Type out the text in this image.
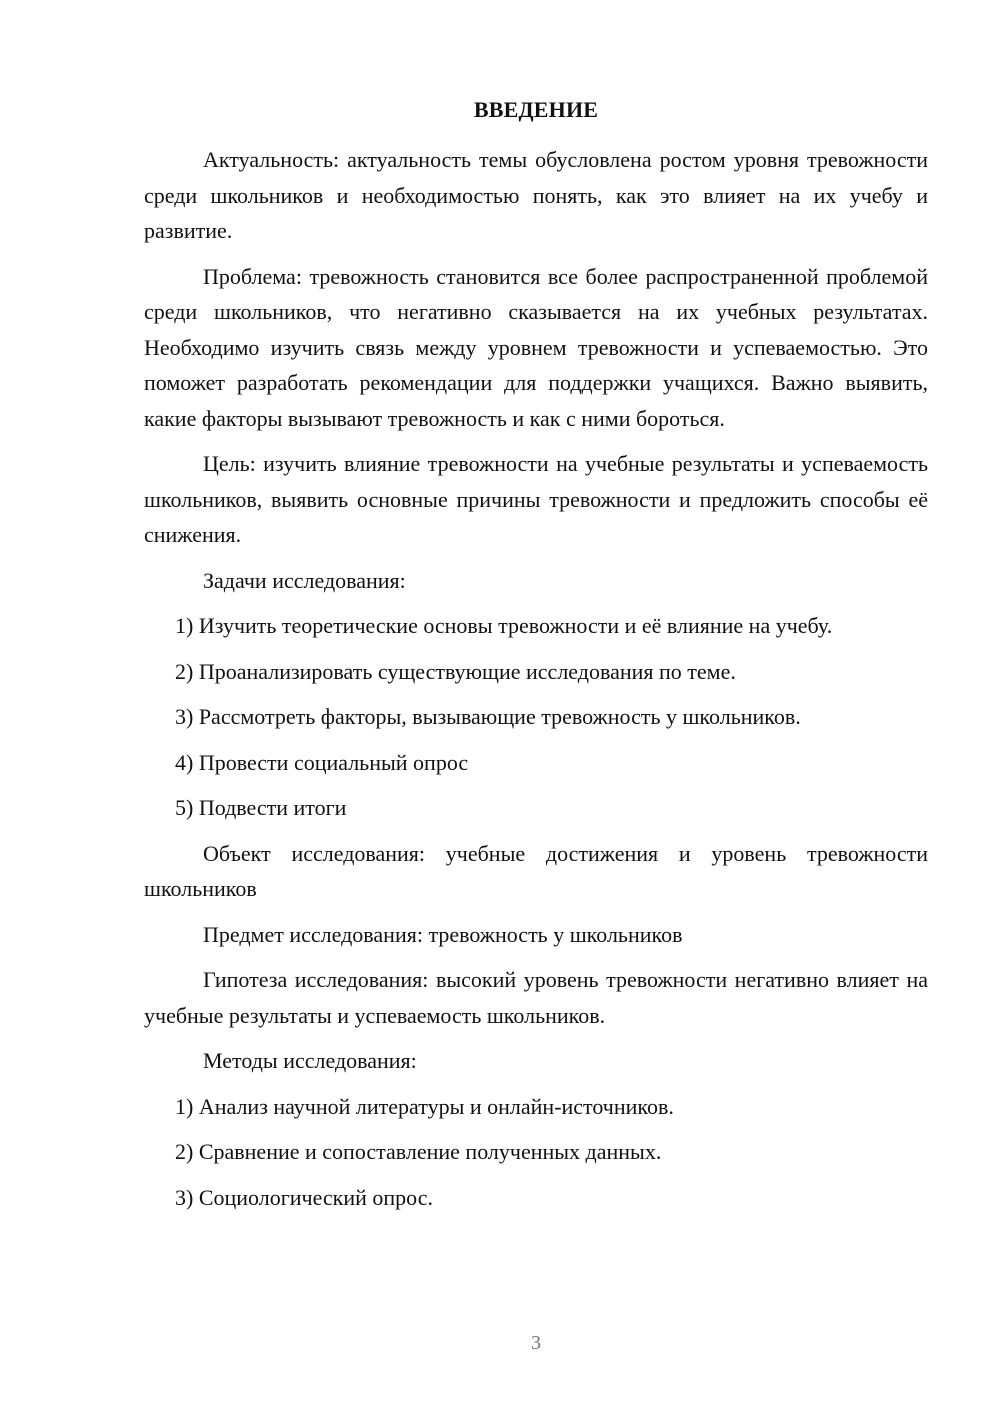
ВВЕДЕНИЕ

Актуальность: актуальность темы обусловлена ростом уровня тревожности среди школьников и необходимостью понять, как это влияет на их учебу и развитие.

Проблема: тревожность становится все более распространенной проблемой среди школьников, что негативно сказывается на их учебных результатах. Необходимо изучить связь между уровнем тревожности и успеваемостью. Это поможет разработать рекомендации для поддержки учащихся. Важно выявить, какие факторы вызывают тревожность и как с ними бороться.

Цель: изучить влияние тревожности на учебные результаты и успеваемость школьников, выявить основные причины тревожности и предложить способы её снижения.

Задачи исследования:

1) Изучить теоретические основы тревожности и её влияние на учебу.
2) Проанализировать существующие исследования по теме.
3) Рассмотреть факторы, вызывающие тревожность у школьников.
4) Провести социальный опрос
5) Подвести итоги

Объект исследования: учебные достижения и уровень тревожности школьников

Предмет исследования: тревожность у школьников

Гипотеза исследования: высокий уровень тревожности негативно влияет на учебные результаты и успеваемость школьников.

Методы исследования:

1) Анализ научной литературы и онлайн-источников.
2) Сравнение и сопоставление полученных данных.
3) Социологический опрос.
3
